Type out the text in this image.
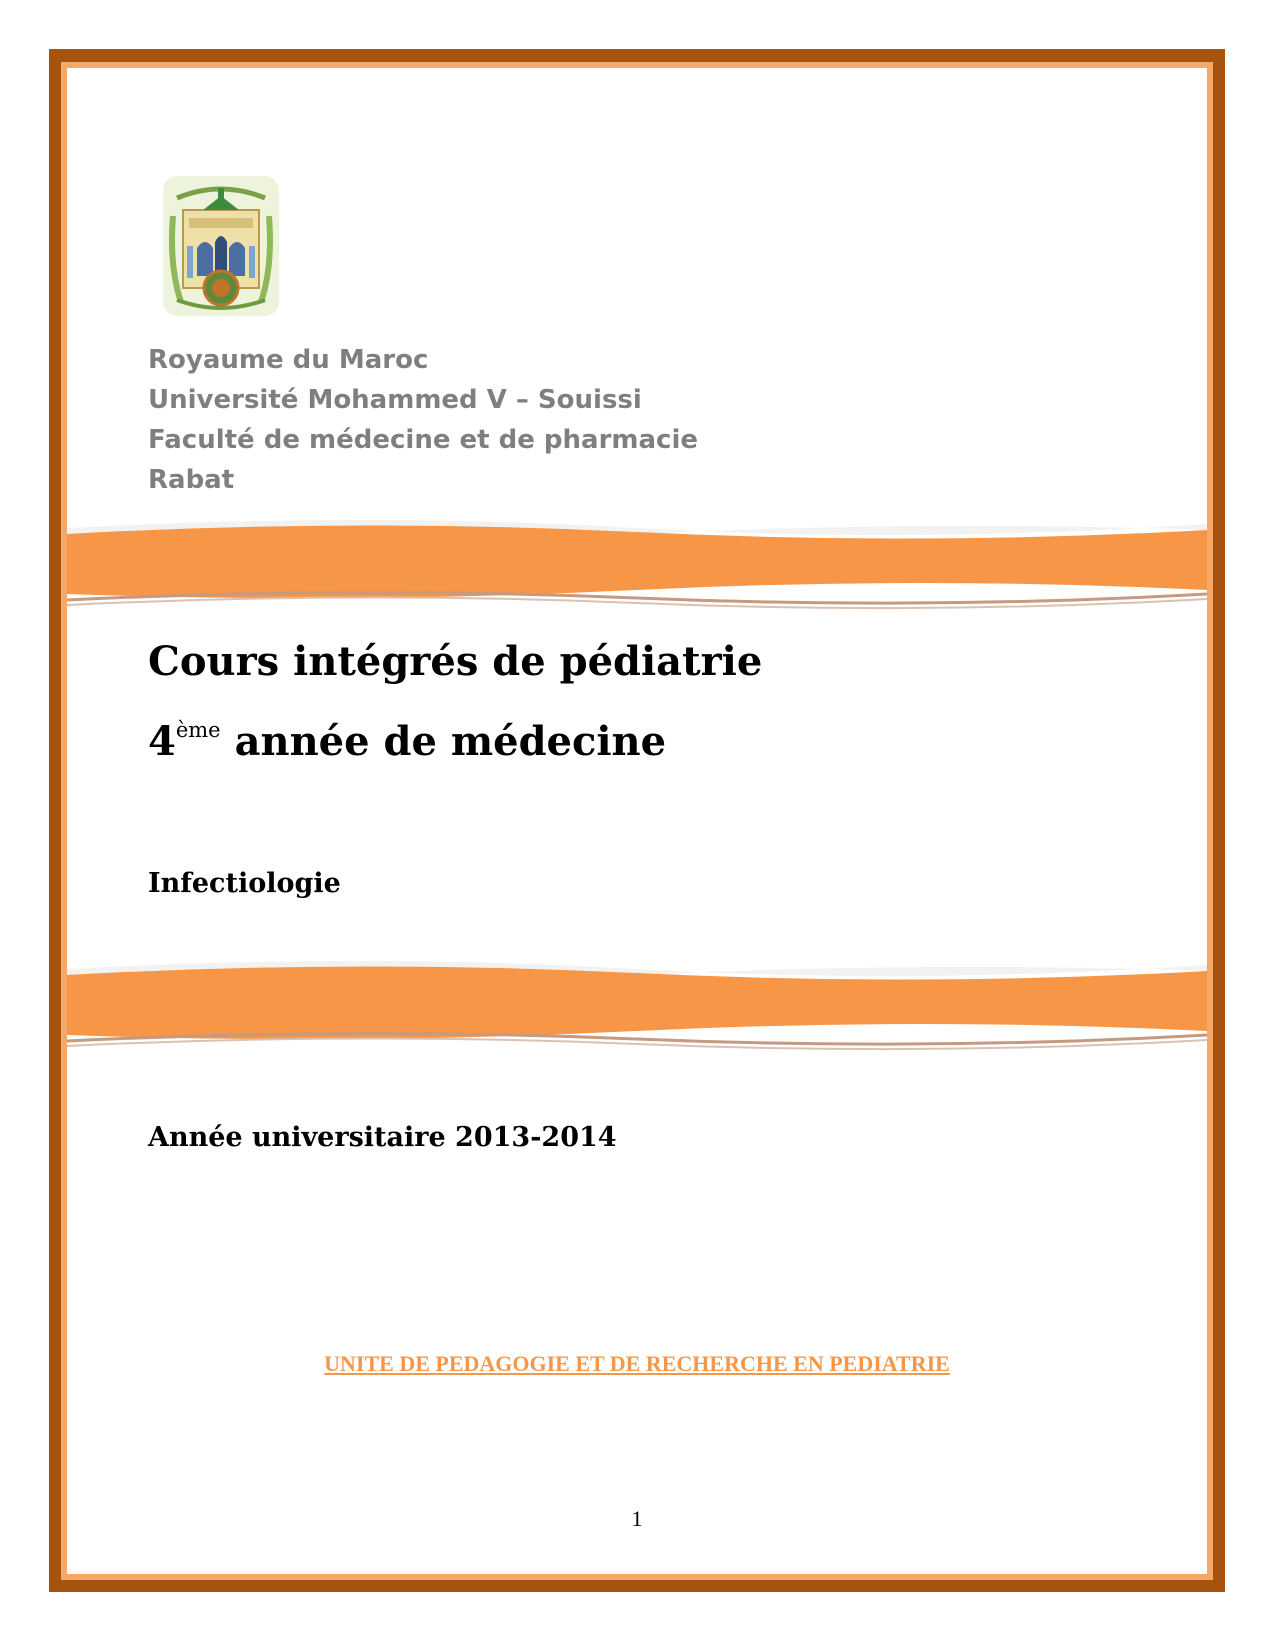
Royaume du Maroc
Université Mohammed V – Souissi
Faculté de médecine et de pharmacie
Rabat
Cours intégrés de pédiatrie
4ème année de médecine
Infectiologie
Année universitaire 2013-2014
UNITE DE PEDAGOGIE ET DE RECHERCHE EN PEDIATRIE
1
